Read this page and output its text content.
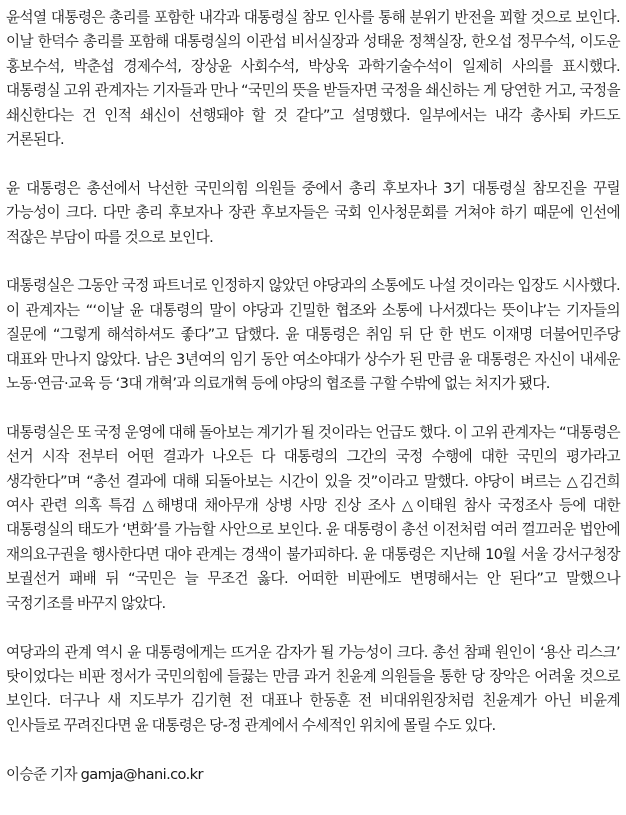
윤석열 대통령은 총리를 포함한 내각과 대통령실 참모 인사를 통해 분위기 반전을 꾀할 것으로 보인다. 이날 한덕수 총리를 포함해 대통령실의 이관섭 비서실장과 성태윤 정책실장, 한오섭 정무수석, 이도운 홍보수석, 박춘섭 경제수석, 장상윤 사회수석, 박상욱 과학기술수석이 일제히 사의를 표시했다. 대통령실 고위 관계자는 기자들과 만나 “국민의 뜻을 받들자면 국정을 쇄신하는 게 당연한 거고, 국정을 쇄신한다는 건 인적 쇄신이 선행돼야 할 것 같다”고 설명했다. 일부에서는 내각 총사퇴 카드도 거론된다.

윤 대통령은 총선에서 낙선한 국민의힘 의원들 중에서 총리 후보자나 3기 대통령실 참모진을 꾸릴 가능성이 크다. 다만 총리 후보자나 장관 후보자들은 국회 인사청문회를 거쳐야 하기 때문에 인선에 적잖은 부담이 따를 것으로 보인다.

대통령실은 그동안 국정 파트너로 인정하지 않았던 야당과의 소통에도 나설 것이라는 입장도 시사했다. 이 관계자는 “‘이날 윤 대통령의 말이 야당과 긴밀한 협조와 소통에 나서겠다는 뜻이냐’는 기자들의 질문에 “그렇게 해석하셔도 좋다”고 답했다. 윤 대통령은 취임 뒤 단 한 번도 이재명 더불어민주당 대표와 만나지 않았다. 남은 3년여의 임기 동안 여소야대가 상수가 된 만큼 윤 대통령은 자신이 내세운 노동·연금·교육 등 ‘3대 개혁’과 의료개혁 등에 야당의 협조를 구할 수밖에 없는 처지가 됐다.

대통령실은 또 국정 운영에 대해 돌아보는 계기가 될 것이라는 언급도 했다. 이 고위 관계자는 “대통령은 선거 시작 전부터 어떤 결과가 나오든 다 대통령의 그간의 국정 수행에 대한 국민의 평가라고 생각한다”며 “총선 결과에 대해 되돌아보는 시간이 있을 것”이라고 말했다. 야당이 벼르는 △김건희 여사 관련 의혹 특검 △해병대 채아무개 상병 사망 진상 조사 △이태원 참사 국정조사 등에 대한 대통령실의 태도가 ‘변화’를 가늠할 사안으로 보인다. 윤 대통령이 총선 이전처럼 여러 껄끄러운 법안에 재의요구권을 행사한다면 대야 관계는 경색이 불가피하다. 윤 대통령은 지난해 10월 서울 강서구청장 보궐선거 패배 뒤 “국민은 늘 무조건 옳다. 어떠한 비판에도 변명해서는 안 된다”고 말했으나 국정기조를 바꾸지 않았다.

여당과의 관계 역시 윤 대통령에게는 뜨거운 감자가 될 가능성이 크다. 총선 참패 원인이 ‘용산 리스크’ 탓이었다는 비판 정서가 국민의힘에 들끓는 만큼 과거 친윤계 의원들을 통한 당 장악은 어려울 것으로 보인다. 더구나 새 지도부가 김기현 전 대표나 한동훈 전 비대위원장처럼 친윤계가 아닌 비윤계 인사들로 꾸려진다면 윤 대통령은 당-정 관계에서 수세적인 위치에 몰릴 수도 있다.

이승준 기자 gamja@hani.co.kr
